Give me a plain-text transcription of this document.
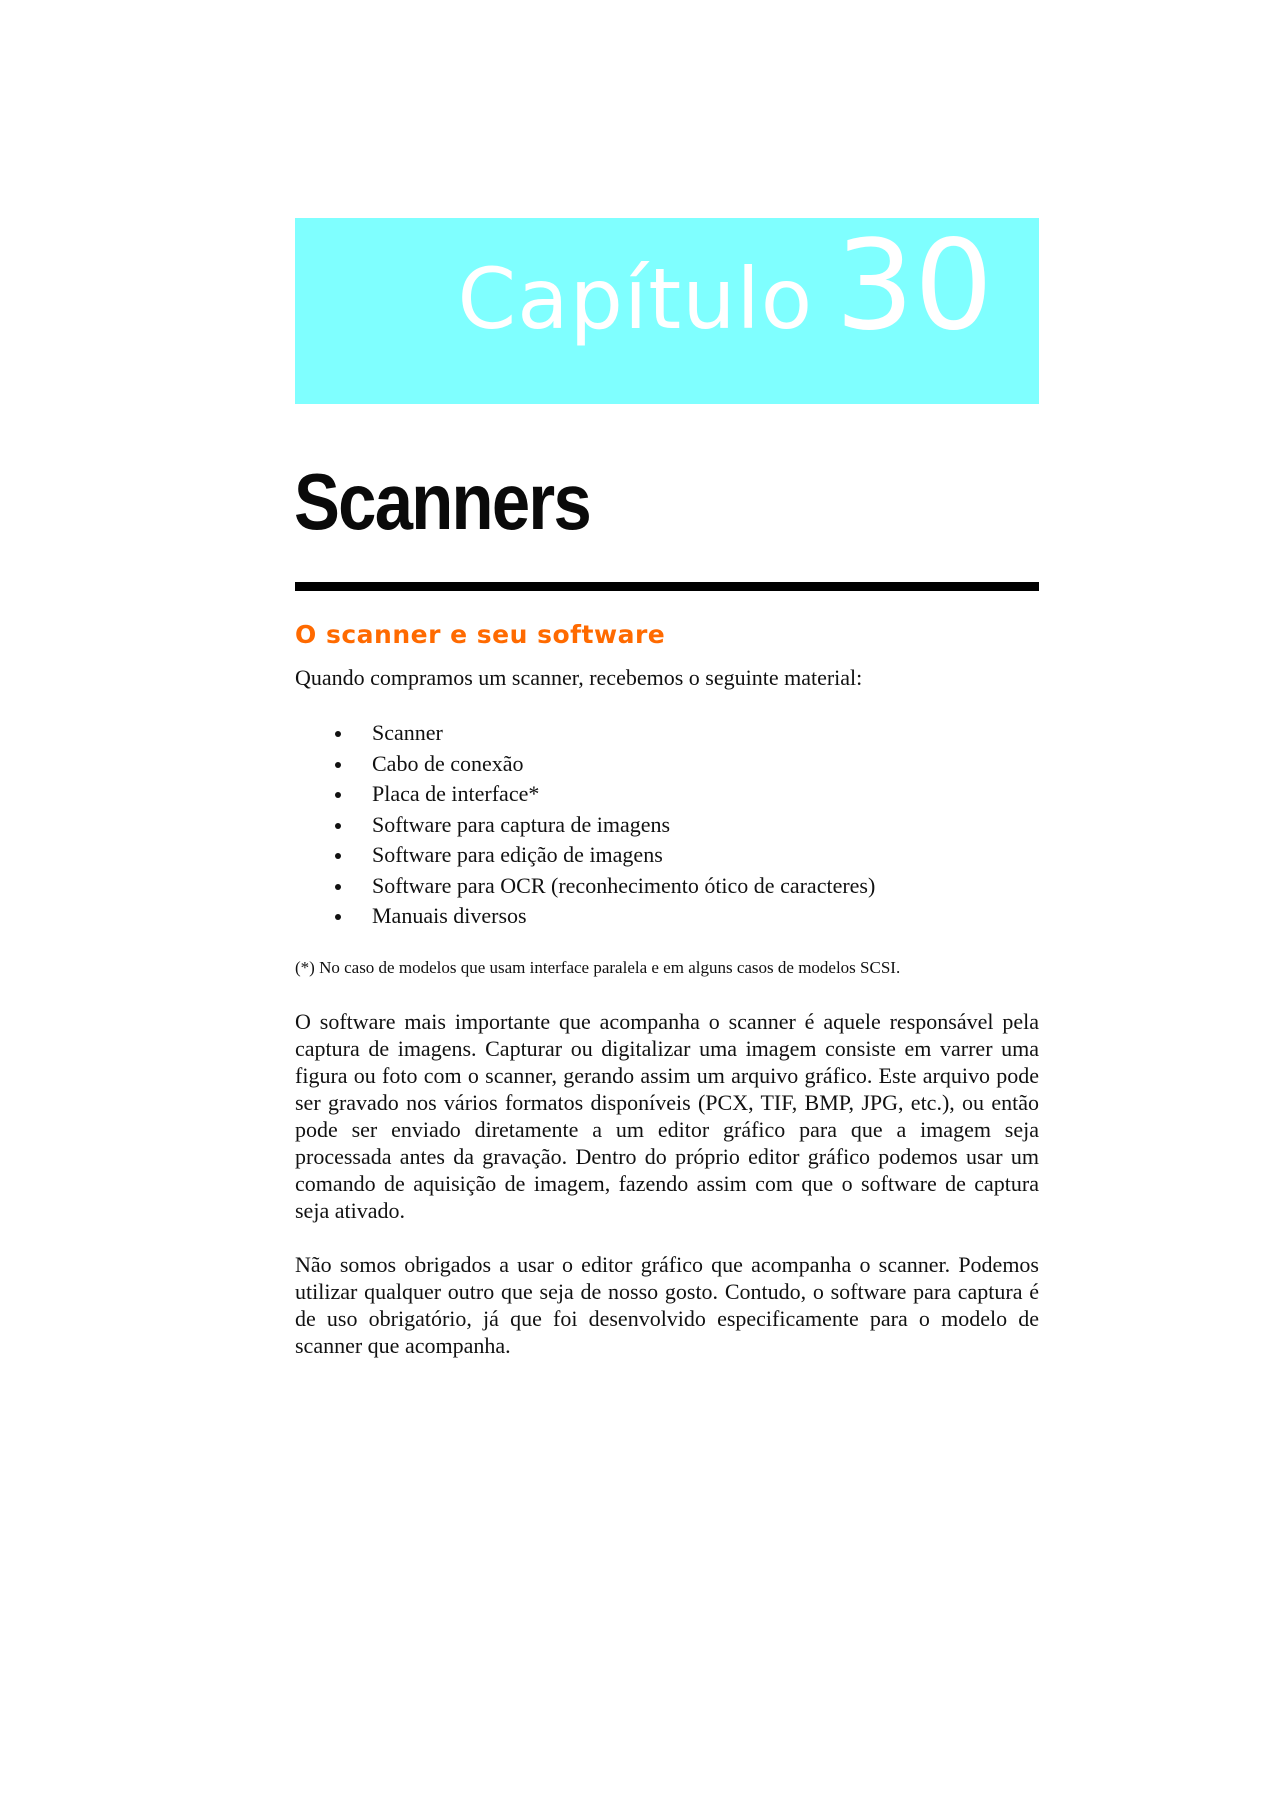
Capítulo 30
Scanners
O scanner e seu software

Quando compramos um scanner, recebemos o seguinte material:

Scanner
Cabo de conexão
Placa de interface*
Software para captura de imagens
Software para edição de imagens
Software para OCR (reconhecimento ótico de caracteres)
Manuais diversos

(*) No caso de modelos que usam interface paralela e em alguns casos de modelos SCSI.

O software mais importante que acompanha o scanner é aquele responsável pela captura de imagens. Capturar ou digitalizar uma imagem consiste em varrer uma figura ou foto com o scanner, gerando assim um arquivo gráfico. Este arquivo pode ser gravado nos vários formatos disponíveis (PCX, TIF, BMP, JPG, etc.), ou então pode ser enviado diretamente a um editor gráfico para que a imagem seja processada antes da gravação. Dentro do próprio editor gráfico podemos usar um comando de aquisição de imagem, fazendo assim com que o software de captura seja ativado.

Não somos obrigados a usar o editor gráfico que acompanha o scanner. Podemos utilizar qualquer outro que seja de nosso gosto. Contudo, o software para captura é de uso obrigatório, já que foi desenvolvido especificamente para o modelo de scanner que acompanha.
